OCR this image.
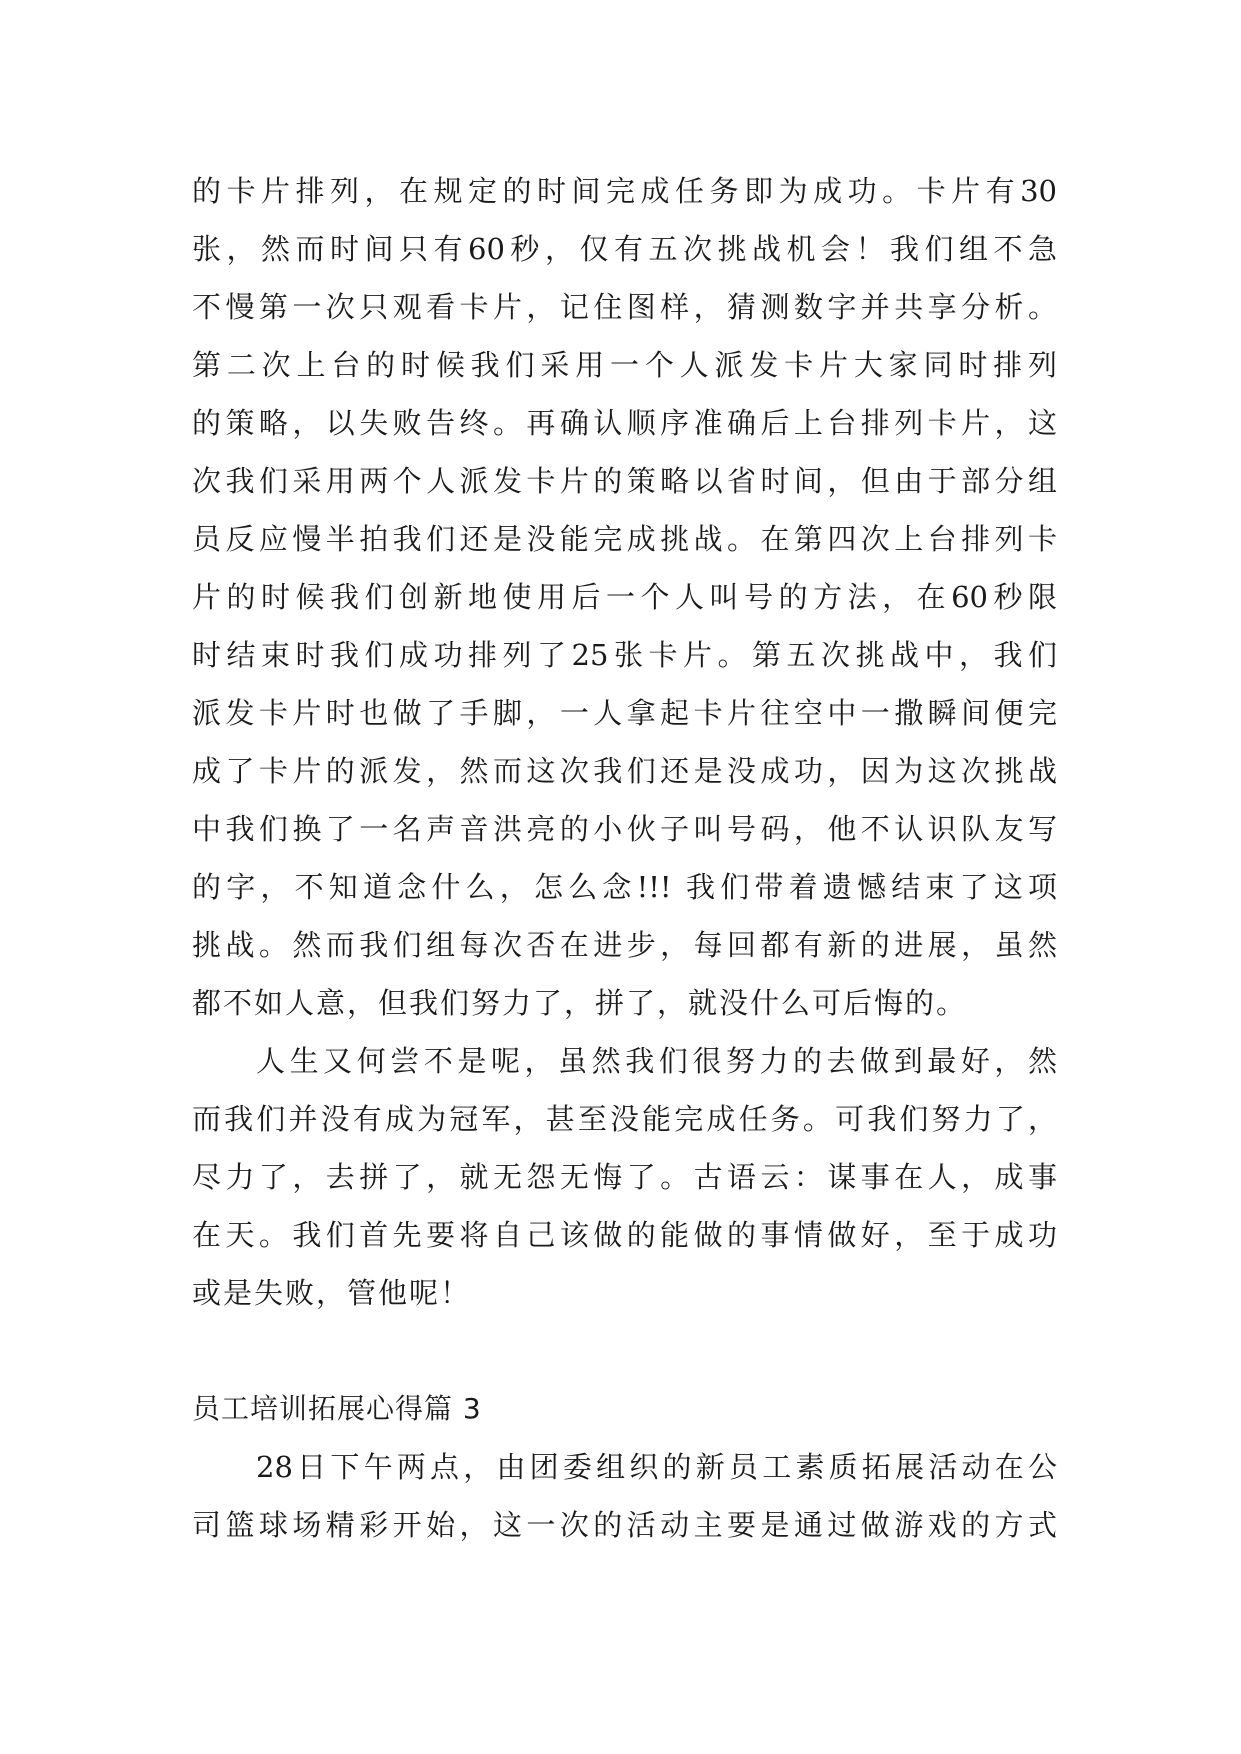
的卡片排列，在规定的时间完成任务即为成功。卡片有30
张，然而时间只有60秒，仅有五次挑战机会！我们组不急
不慢第一次只观看卡片，记住图样，猜测数字并共享分析。
第二次上台的时候我们采用一个人派发卡片大家同时排列
的策略，以失败告终。再确认顺序准确后上台排列卡片，这
次我们采用两个人派发卡片的策略以省时间，但由于部分组
员反应慢半拍我们还是没能完成挑战。在第四次上台排列卡
片的时候我们创新地使用后一个人叫号的方法，在60秒限
时结束时我们成功排列了25张卡片。第五次挑战中，我们
派发卡片时也做了手脚，一人拿起卡片往空中一撒瞬间便完
成了卡片的派发，然而这次我们还是没成功，因为这次挑战
中我们换了一名声音洪亮的小伙子叫号码，他不认识队友写
的字，不知道念什么，怎么念!!! 我们带着遗憾结束了这项
挑战。然而我们组每次否在进步，每回都有新的进展，虽然
都不如人意，但我们努力了，拼了，就没什么可后悔的。
人生又何尝不是呢，虽然我们很努力的去做到最好，然
而我们并没有成为冠军，甚至没能完成任务。可我们努力了，
尽力了，去拼了，就无怨无悔了。古语云：谋事在人，成事
在天。我们首先要将自己该做的能做的事情做好，至于成功
或是失败，管他呢！
员工培训拓展心得篇 3
28日下午两点，由团委组织的新员工素质拓展活动在公
司篮球场精彩开始，这一次的活动主要是通过做游戏的方式
